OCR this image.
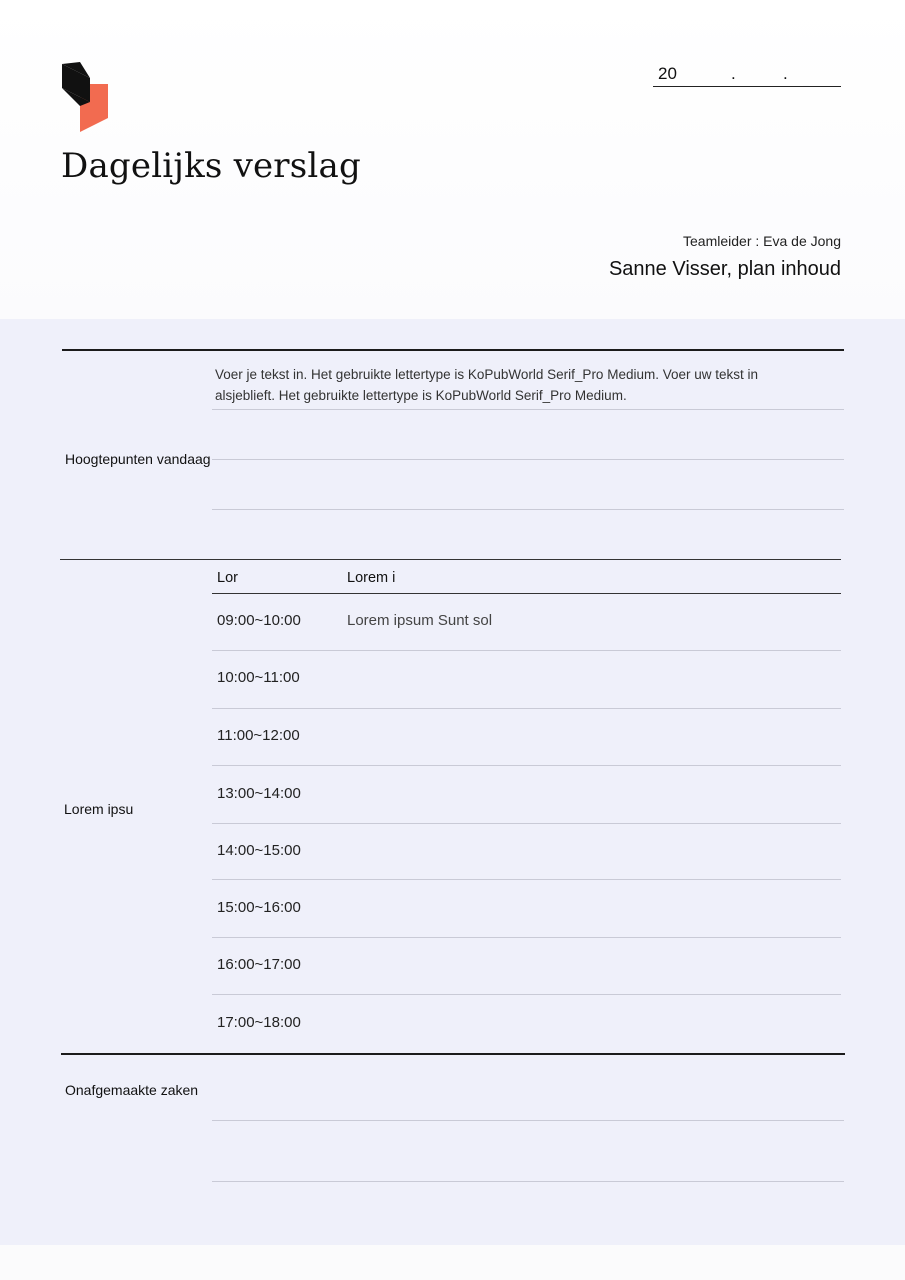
20	.	.
Dagelijks verslag
Teamleider : Eva de Jong
Sanne Visser, plan inhoud
Hoogtepunten vandaag
Voer je tekst in. Het gebruikte lettertype is KoPubWorld Serif_Pro Medium. Voer uw tekst in alsjeblieft. Het gebruikte lettertype is KoPubWorld Serif_Pro Medium.
Lor	Lorem i
Lorem ipsu
09:00~10:00	Lorem ipsum Sunt sol
10:00~11:00
11:00~12:00
13:00~14:00
14:00~15:00
15:00~16:00
16:00~17:00
17:00~18:00
Onafgemaakte zaken
